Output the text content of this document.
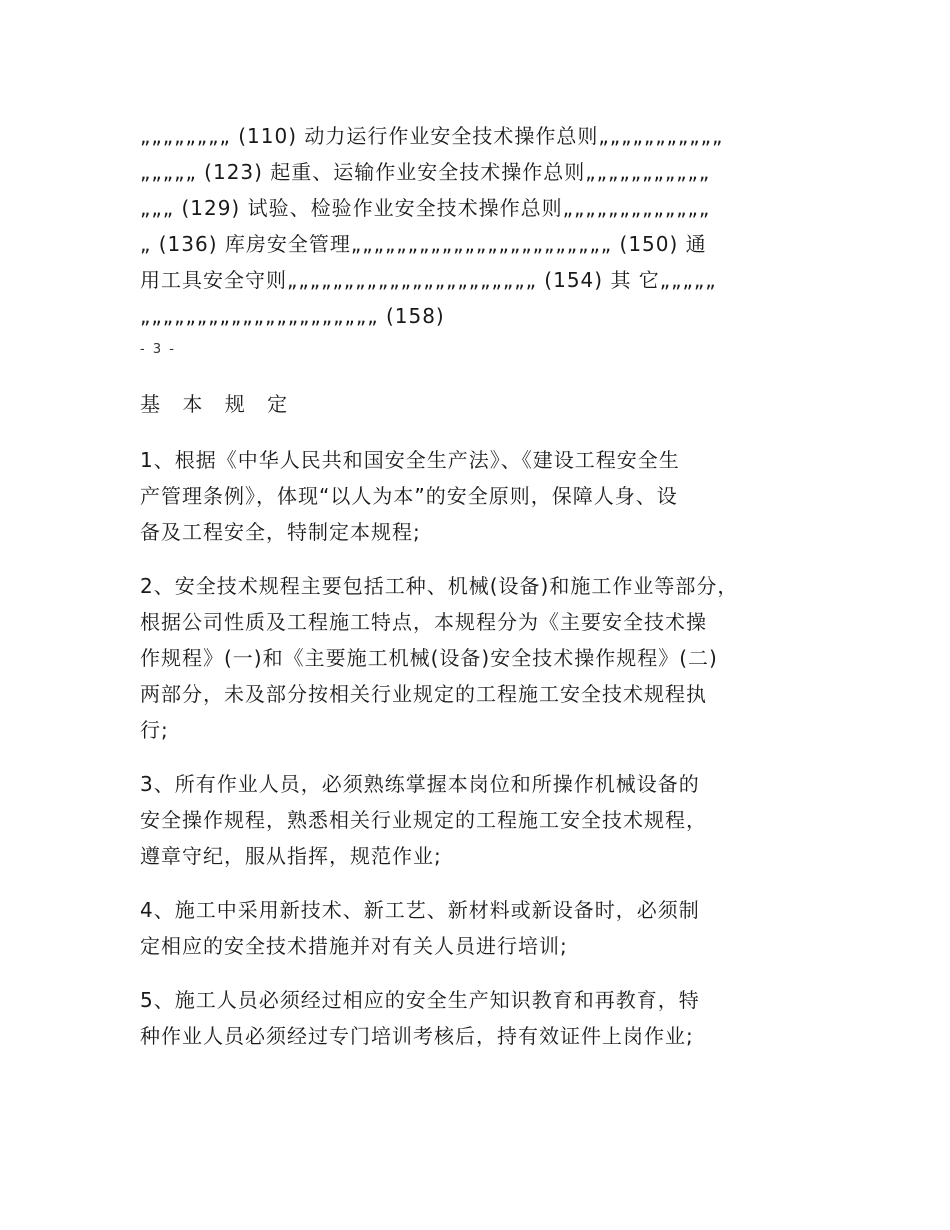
„„„„„„„„ (110) 动力运行作业安全技术操作总则„„„„„„„„„„„
„„„„„ (123) 起重、运输作业安全技术操作总则„„„„„„„„„„„
„„„ (129) 试验、检验作业安全技术操作总则„„„„„„„„„„„„„
„ (136) 库房安全管理„„„„„„„„„„„„„„„„„„„„„„„ (150) 通
用工具安全守则„„„„„„„„„„„„„„„„„„„„„„ (154) 其 它„„„„„
„„„„„„„„„„„„„„„„„„„„„ (158)
- 3 -
基 本 规 定
1、根据《中华人民共和国安全生产法》、《建设工程安全生
产管理条例》，体现“以人为本”的安全原则，保障人身、设
备及工程安全，特制定本规程;
2、安全技术规程主要包括工种、机械(设备)和施工作业等部分，
根据公司性质及工程施工特点，本规程分为《主要安全技术操
作规程》(一)和《主要施工机械(设备)安全技术操作规程》(二)
两部分，未及部分按相关行业规定的工程施工安全技术规程执
行;
3、所有作业人员，必须熟练掌握本岗位和所操作机械设备的
安全操作规程，熟悉相关行业规定的工程施工安全技术规程，
遵章守纪，服从指挥，规范作业;
4、施工中采用新技术、新工艺、新材料或新设备时，必须制
定相应的安全技术措施并对有关人员进行培训;
5、施工人员必须经过相应的安全生产知识教育和再教育，特
种作业人员必须经过专门培训考核后，持有效证件上岗作业;
